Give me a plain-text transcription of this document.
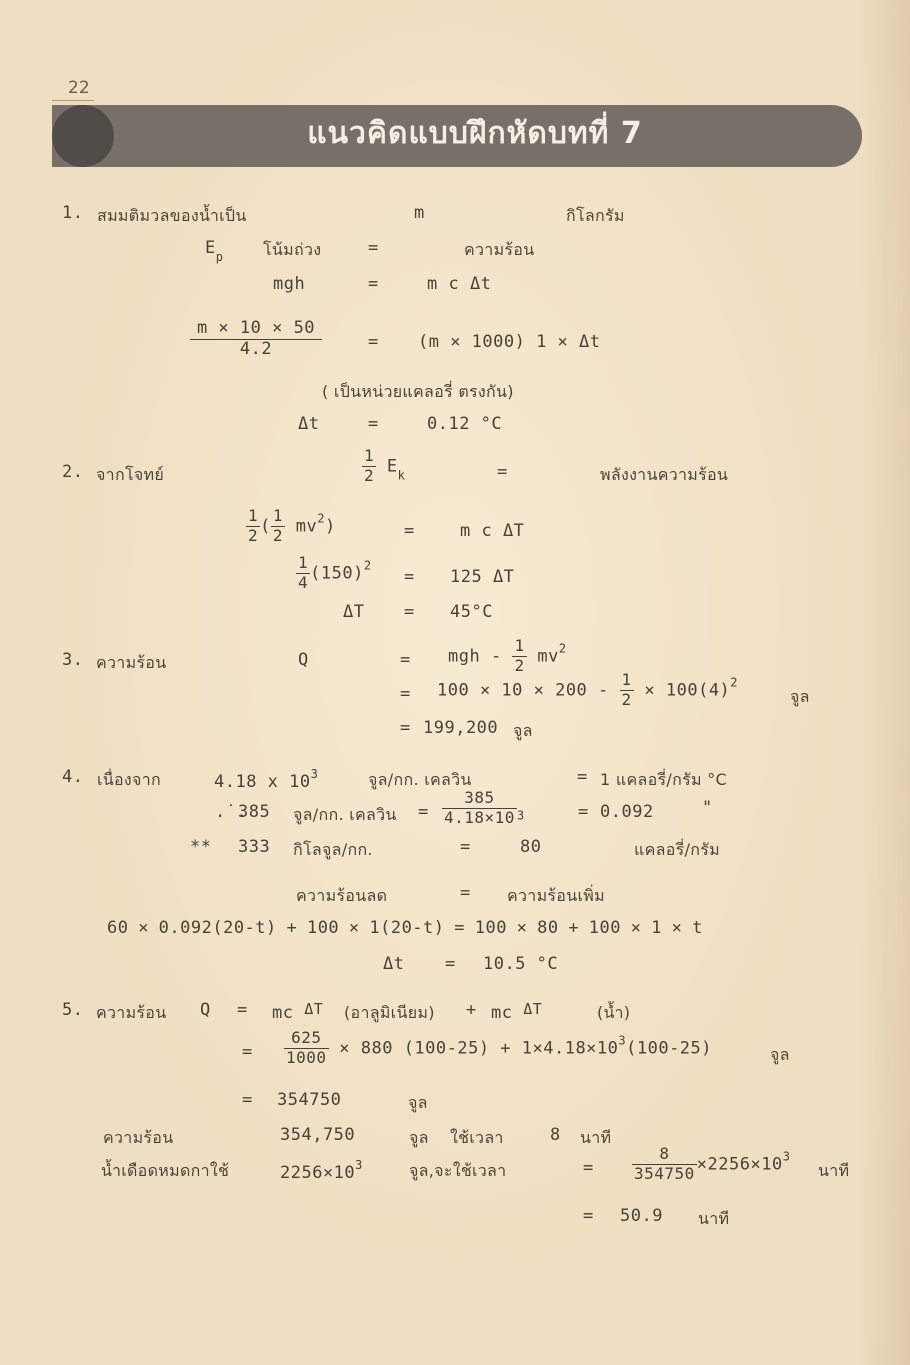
22
แนวคิดแบบฝึกหัดบทที่ 7
1. สมมติมวลของน้ำเป็น	m	กิโลกรัม
$E_p$ โน้มถ่วง	=	ความร้อน
mgh	=	m c Δt
$\frac{m \times 10 \times 50}{4.2}$	= (m × 1000) 1 × Δt
( เป็นหน่วยแคลอรี่ ตรงกัน)
Δt	=	0.12 °C
2. จากโจทย์	$\frac{1}{2} E_k$	=	พลังงานความร้อน
$\frac{1}{2}$ ( $\frac{1}{2} mv^2$)	=	m c ΔT
$\frac{1}{4} (150)^2$
= 125 ΔT
ΔT = 45°C
3. ความร้อน	Q	= mgh - $\frac{1}{2} mv^2$
= $100 \times 10 \times 200 - \frac{1}{2} \times 100(4)^2$
จูล
= 199,200 จูล
4. เนื่องจาก	4.18 x $10^3$	จูล/กก. เคลวิน	= 1 แคลอรี่/กรัม °C
.˙.
385 จูล/กก. เคลวิน = $\frac{385}{4.18\times 10} ^3$	= 0.092	"
** 333 กิโลจูล/กก.	=	80	แคลอรี่/กรัม
ความร้อนลด	= ความร้อนเพิ่ม
60 × 0.092(20-t) + 100 × 1(20-t) = 100 × 80 + 100 × 1 × t
Δt = 10.5 °C
5. ความร้อน Q = mc $^{\Delta T}$ (อาลูมิเนียม) + mc $^{\Delta T}$	(น้ำ)
= $\frac{625}{1000} \times 880$ $(100-25) + 1\times 4.18\times 10^3(100-25)$	จูล
= 354750	จูล
ความร้อน	354,750	จูล ใช้เวลา	8 นาที
น้ำเดือดหมดกาใช้	$2256\times 10^3$	จูล,จะใช้เวลา	= $\frac{8}{354750} \times 2256\times 10^3$
นาที
= 50.9 นาที
